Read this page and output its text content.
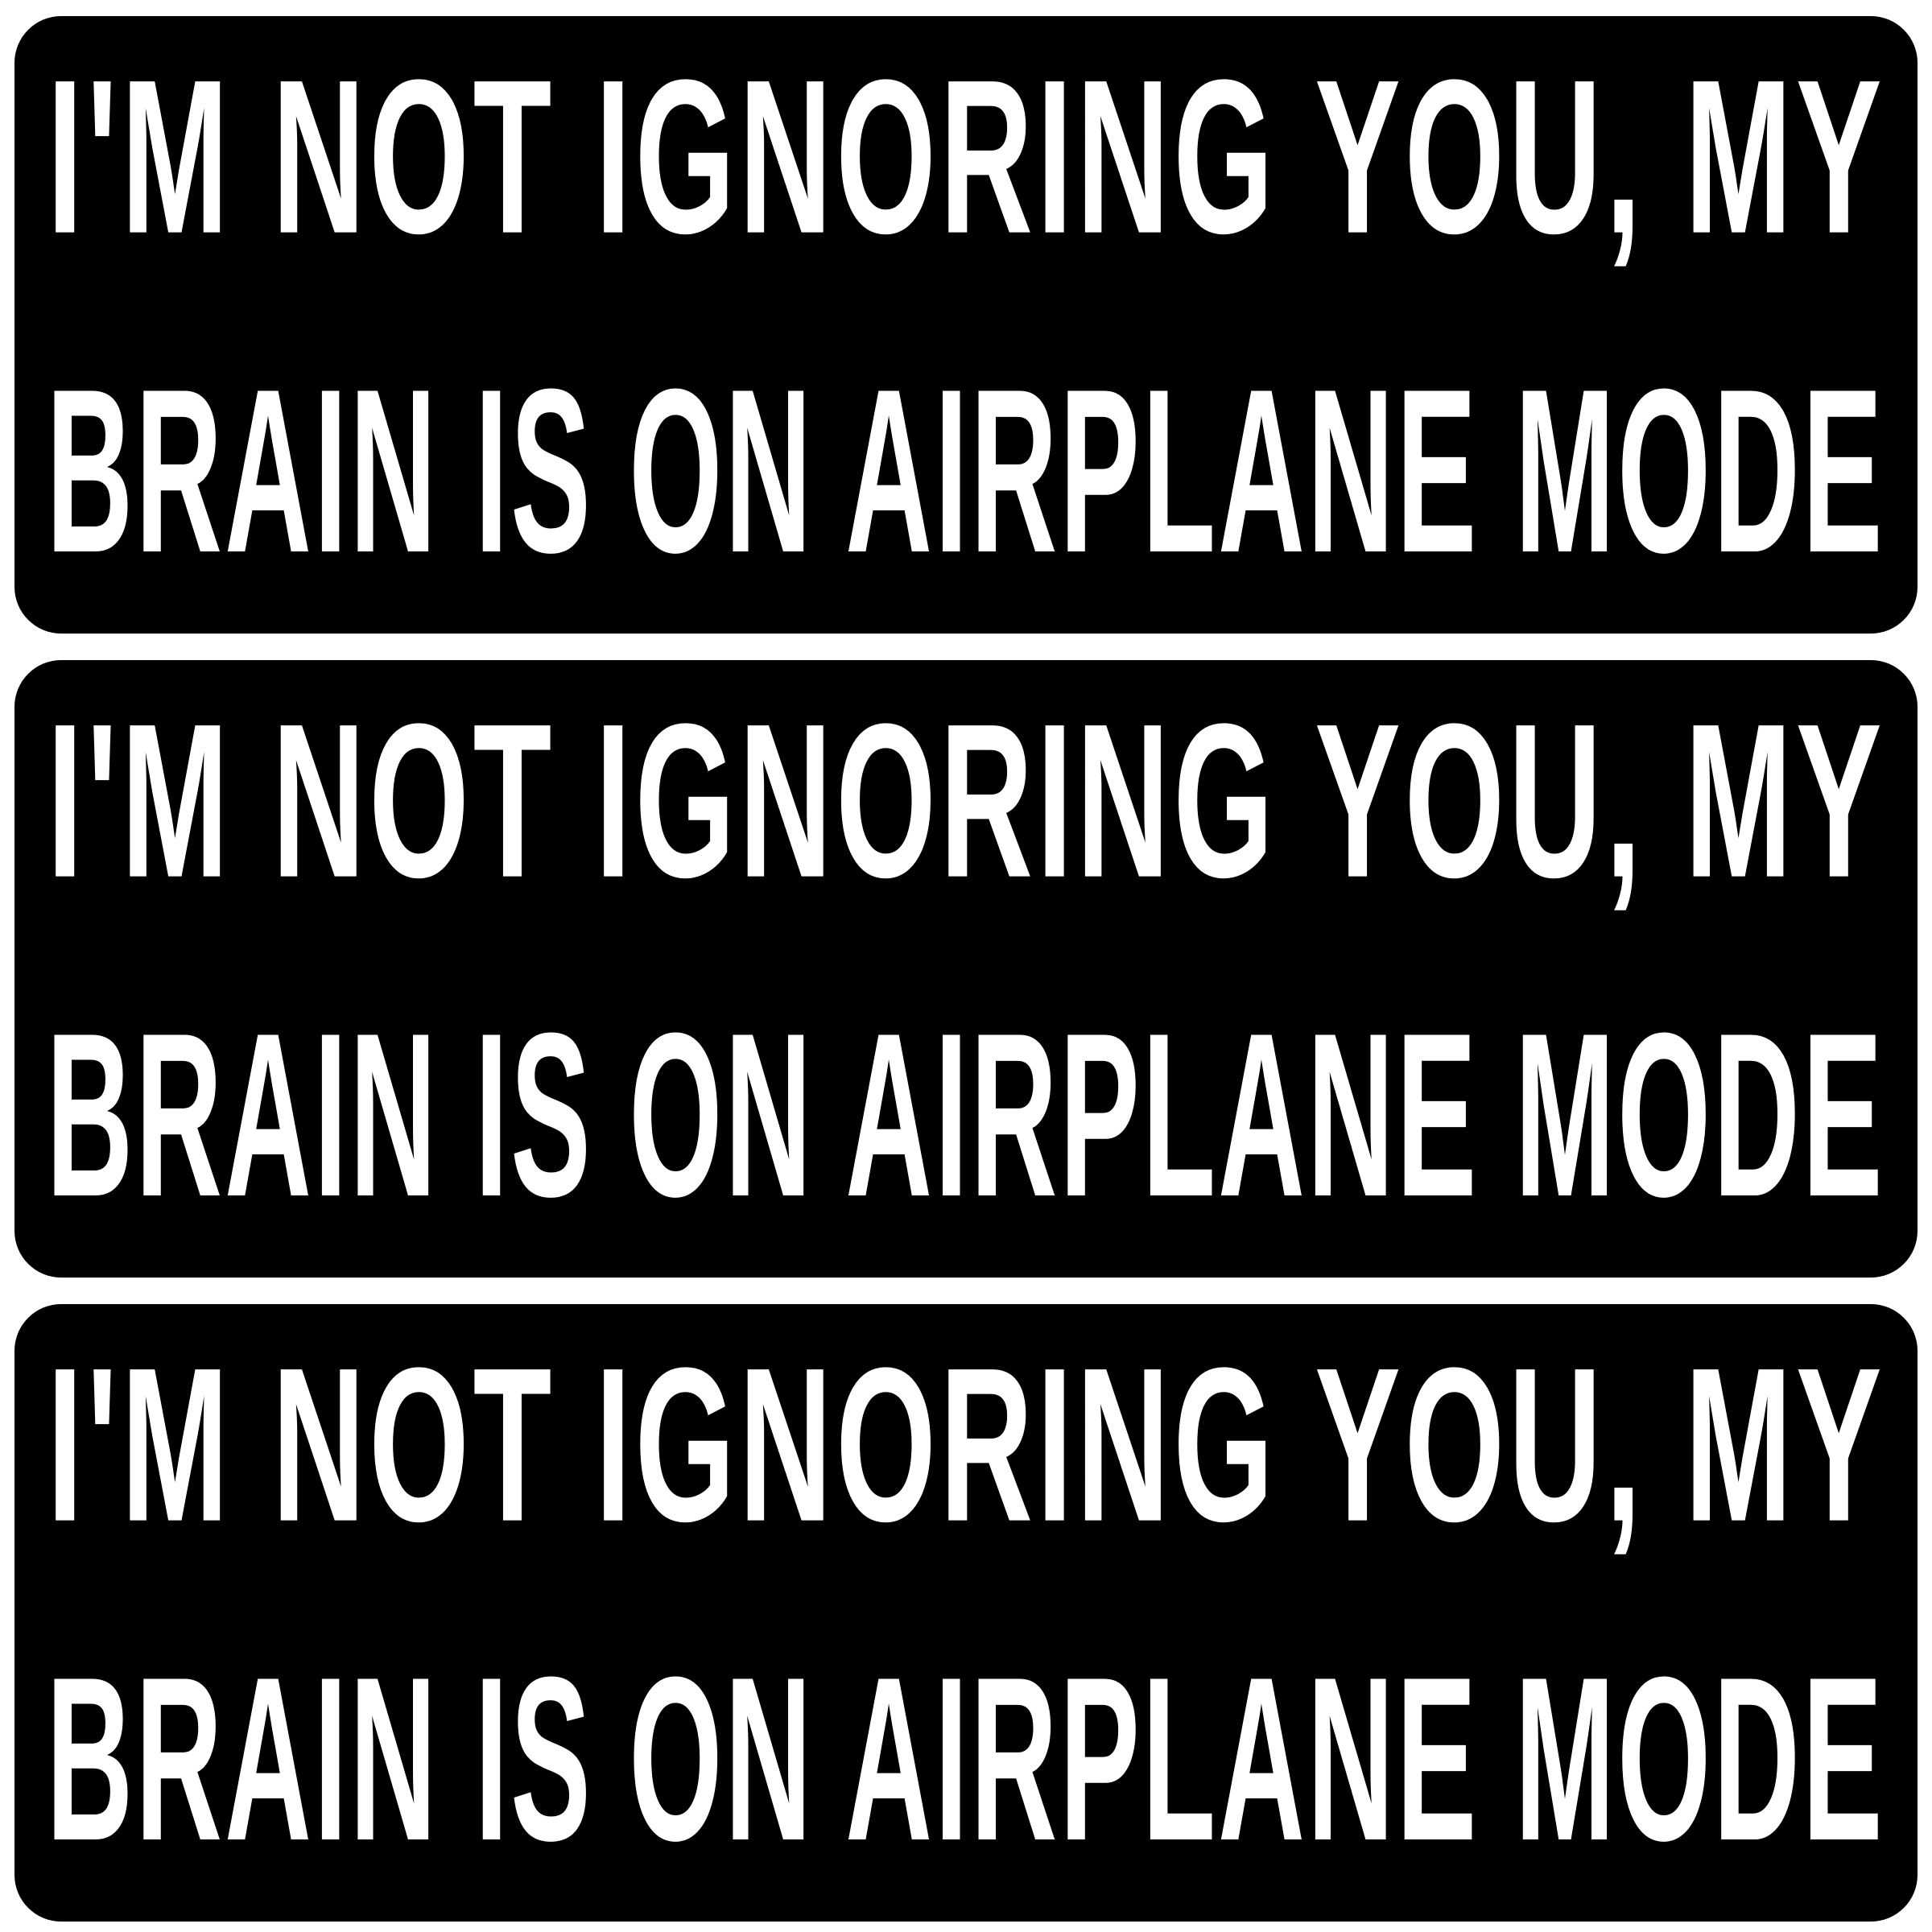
I'M NOT IGNORING YOU, MY
BRAIN IS ON AIRPLANE MODE
I'M NOT IGNORING YOU, MY
BRAIN IS ON AIRPLANE MODE
I'M NOT IGNORING YOU, MY
BRAIN IS ON AIRPLANE MODE
